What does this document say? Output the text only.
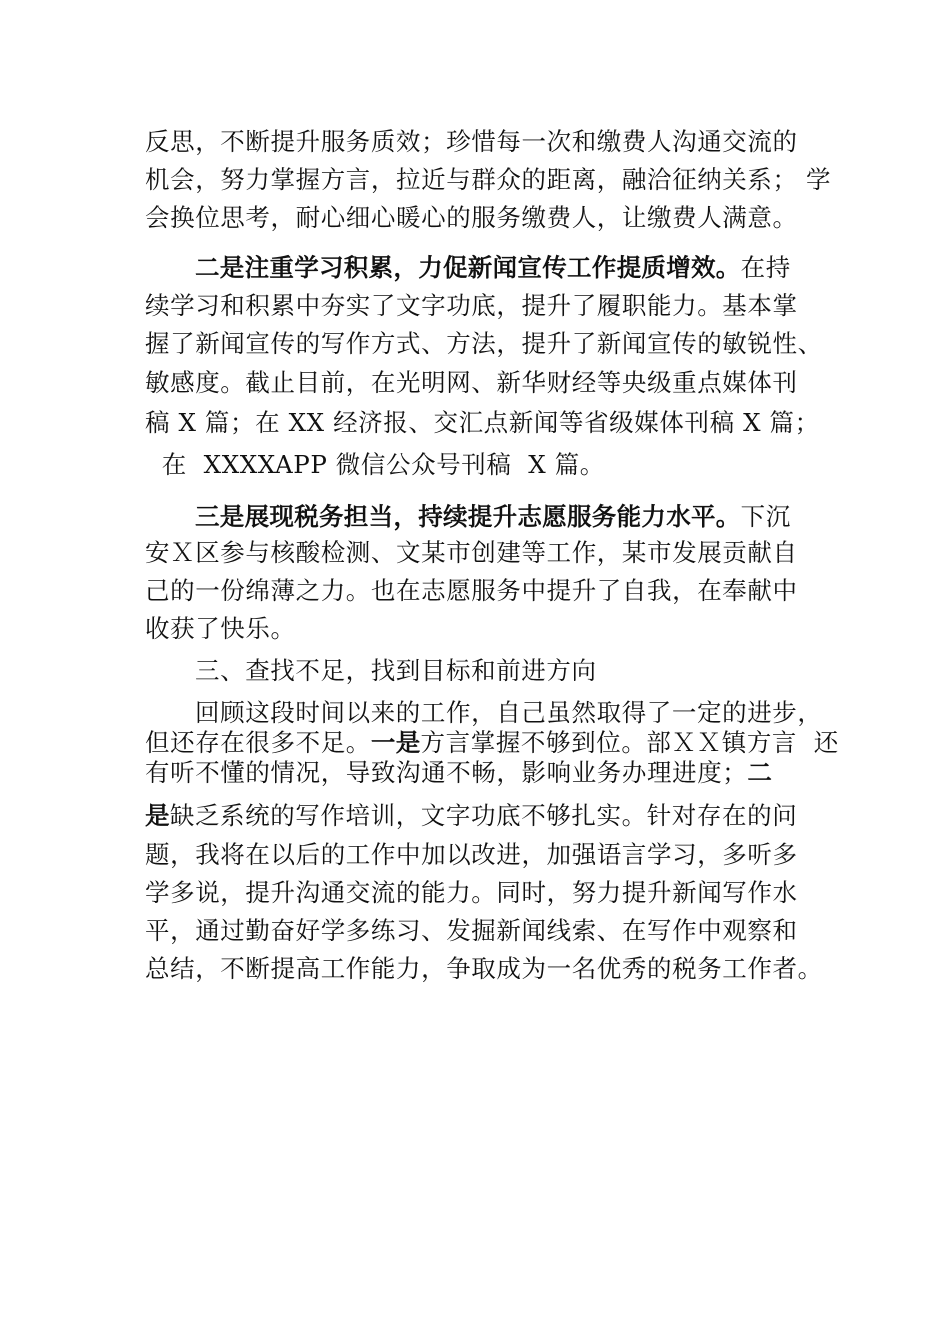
反思，不断提升服务质效；珍惜每一次和缴费人沟通交流的

机会，努力掌握方言，拉近与群众的距离，融洽征纳关系； 学

会换位思考，耐心细心暖心的服务缴费人，让缴费人满意。

二是注重学习积累，力促新闻宣传工作提质增效。在持

续学习和积累中夯实了文字功底，提升了履职能力。基本掌

握了新闻宣传的写作方式、方法，提升了新闻宣传的敏锐性、

敏感度。截止目前，在光明网、新华财经等央级重点媒体刊

稿 X 篇；在 XX 经济报、交汇点新闻等省级媒体刊稿 X 篇；

在  XXXXAPP 微信公众号刊稿  X 篇。

三是展现税务担当，持续提升志愿服务能力水平。下沉

安Ｘ区参与核酸检测、文某市创建等工作，某市发展贡献自

己的一份绵薄之力。也在志愿服务中提升了自我，在奉献中

收获了快乐。

三、查找不足，找到目标和前进方向

回顾这段时间以来的工作，自己虽然取得了一定的进步，

但还存在很多不足。一是方言掌握不够到位。部ＸＸ镇方言  还

有听不懂的情况，导致沟通不畅，影响业务办理进度；二

是缺乏系统的写作培训，文字功底不够扎实。针对存在的问

题，我将在以后的工作中加以改进，加强语言学习，多听多

学多说，提升沟通交流的能力。同时，努力提升新闻写作水

平，通过勤奋好学多练习、发掘新闻线索、在写作中观察和

总结，不断提高工作能力，争取成为一名优秀的税务工作者。
